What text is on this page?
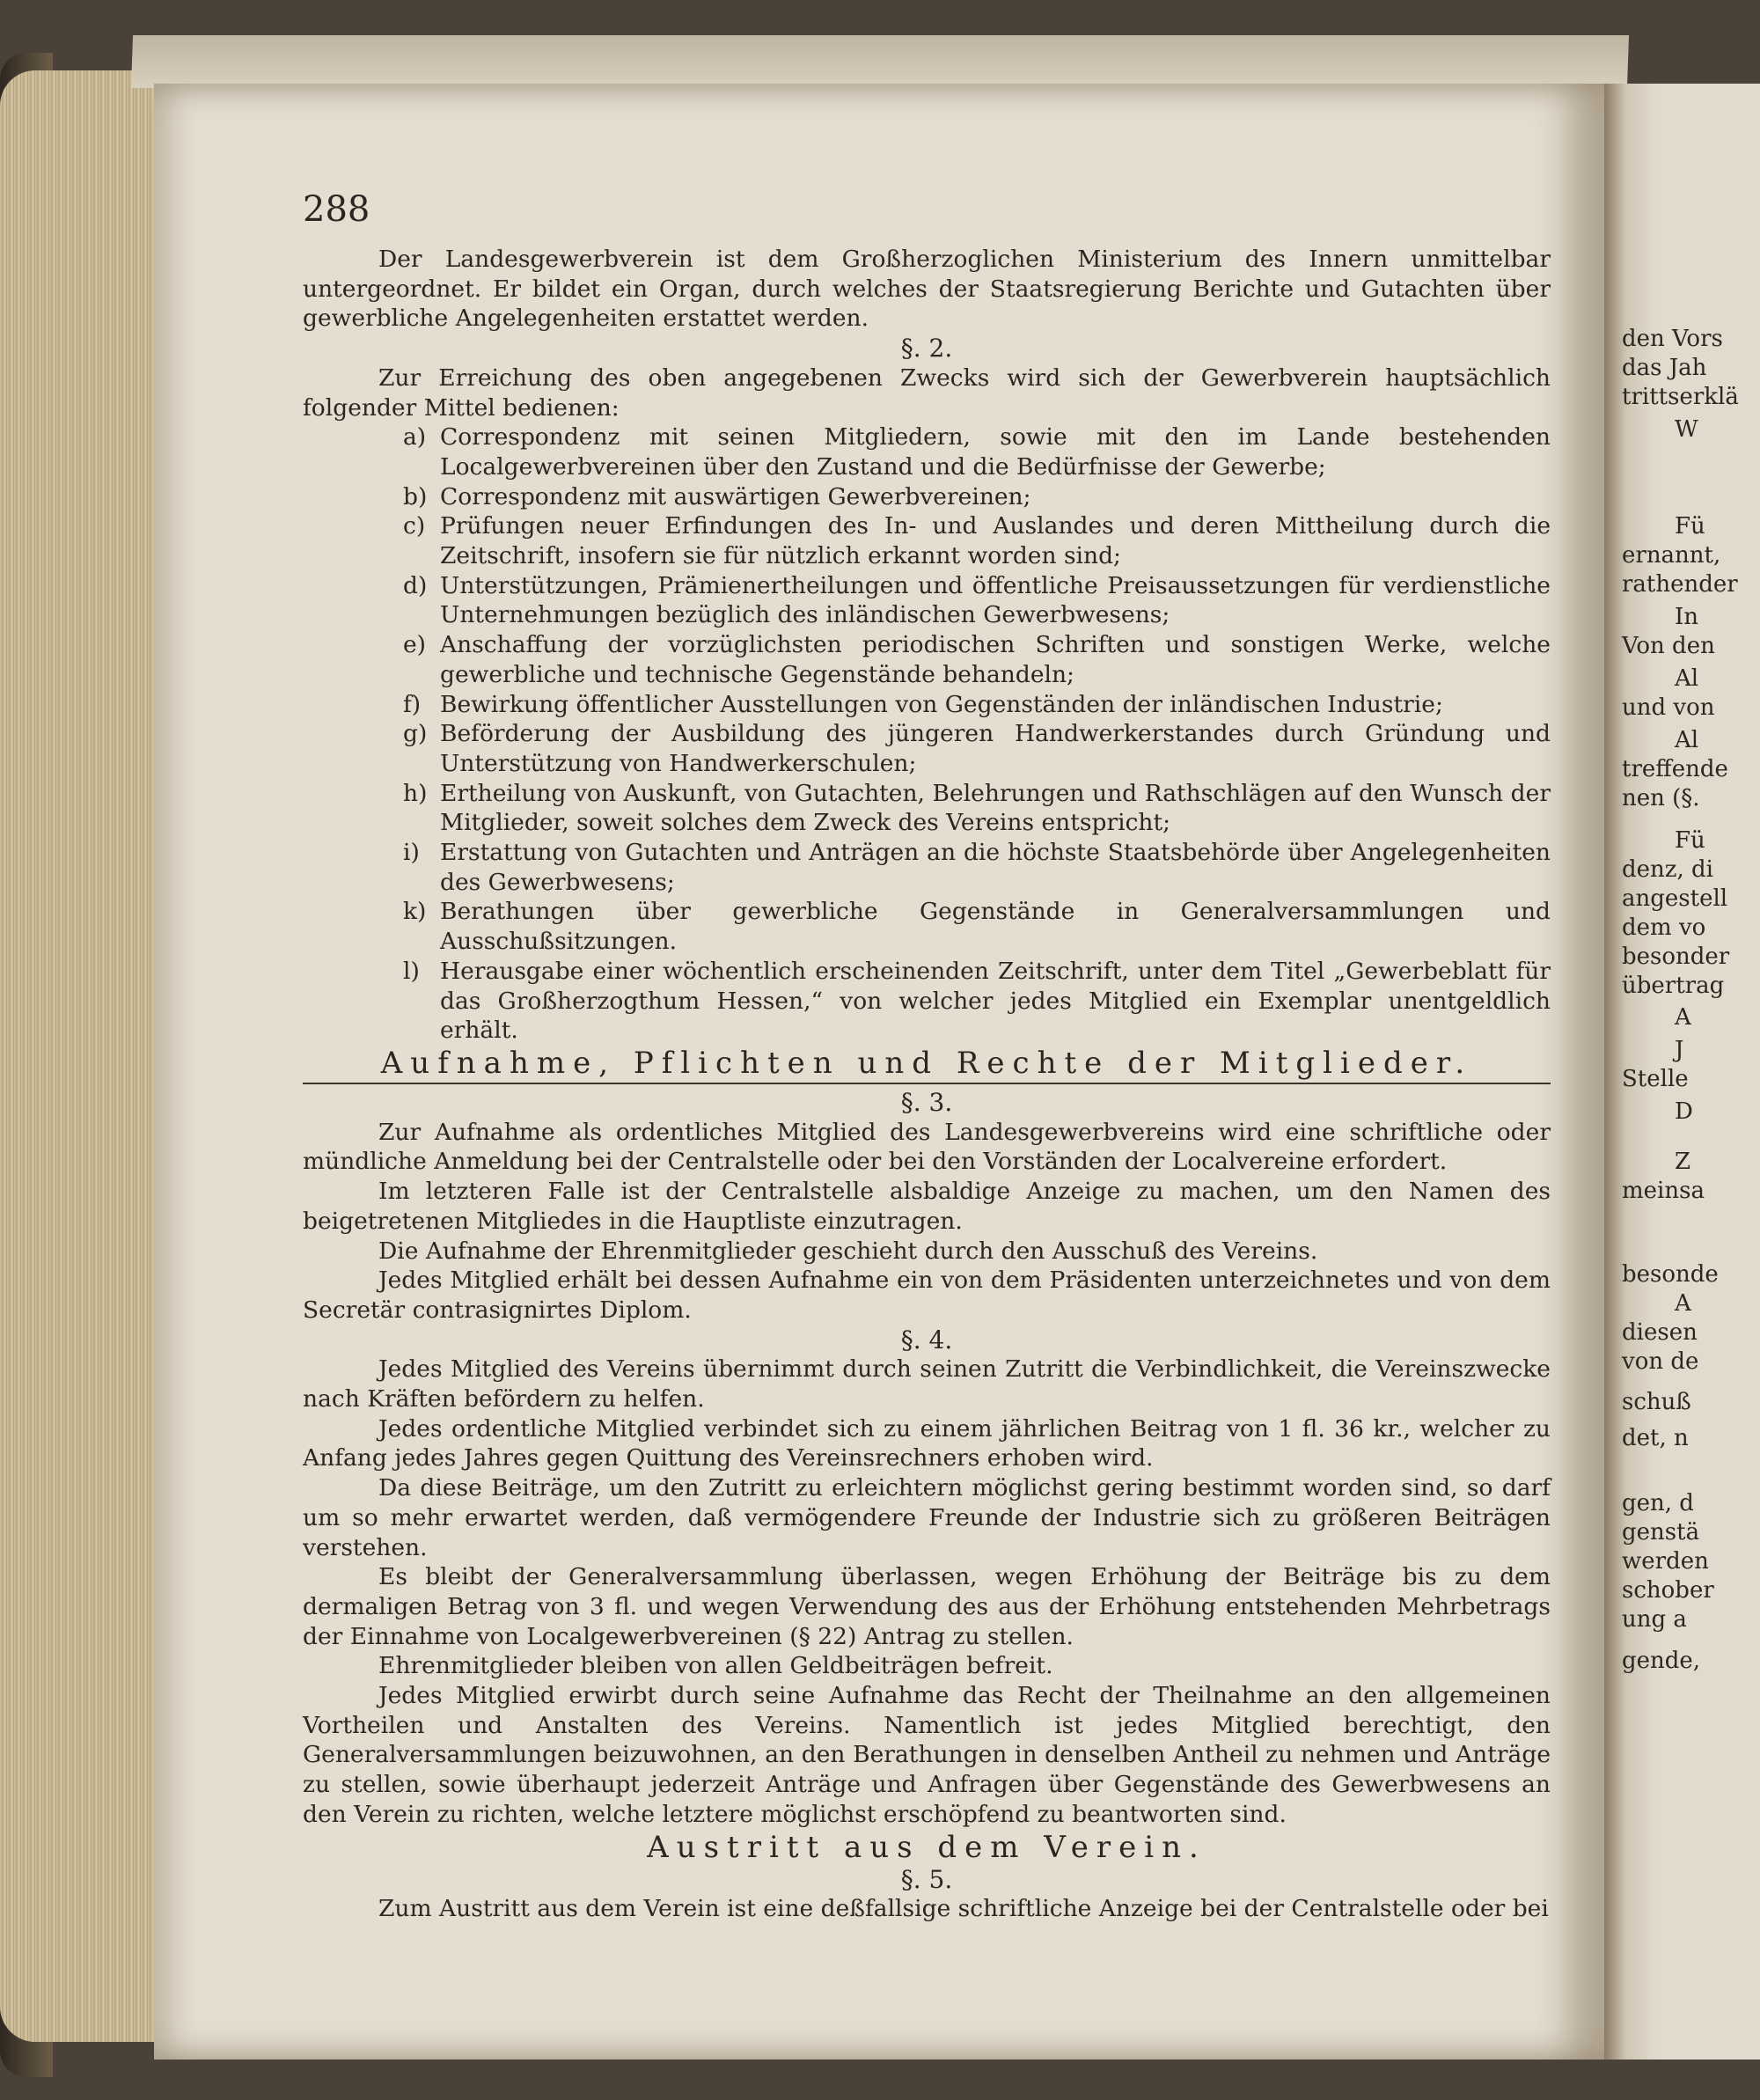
288

Der Landesgewerbverein ist dem Großherzoglichen Ministerium des Innern unmittelbar untergeordnet. Er bildet ein Organ, durch welches der Staatsregierung Berichte und Gutachten über gewerbliche Angelegenheiten erstattet werden.

§. 2.

Zur Erreichung des oben angegebenen Zwecks wird sich der Gewerbverein hauptsächlich folgender Mittel bedienen:

a) Correspondenz mit seinen Mitgliedern, sowie mit den im Lande bestehenden Localgewerbvereinen über den Zustand und die Bedürfnisse der Gewerbe;

b) Correspondenz mit auswärtigen Gewerbvereinen;

c) Prüfungen neuer Erfindungen des In- und Auslandes und deren Mittheilung durch die Zeitschrift, insofern sie für nützlich erkannt worden sind;

d) Unterstützungen, Prämienertheilungen und öffentliche Preisaussetzungen für verdienstliche Unternehmungen bezüglich des inländischen Gewerbwesens;

e) Anschaffung der vorzüglichsten periodischen Schriften und sonstigen Werke, welche gewerbliche und technische Gegenstände behandeln;

f) Bewirkung öffentlicher Ausstellungen von Gegenständen der inländischen Industrie;

g) Beförderung der Ausbildung des jüngeren Handwerkerstandes durch Gründung und Unterstützung von Handwerkerschulen;

h) Ertheilung von Auskunft, von Gutachten, Belehrungen und Rathschlägen auf den Wunsch der Mitglieder, soweit solches dem Zweck des Vereins entspricht;

i) Erstattung von Gutachten und Anträgen an die höchste Staatsbehörde über Angelegenheiten des Gewerbwesens;

k) Berathungen über gewerbliche Gegenstände in Generalversammlungen und Ausschußsitzungen.

l) Herausgabe einer wöchentlich erscheinenden Zeitschrift, unter dem Titel „Gewerbeblatt für das Großherzogthum Hessen,“ von welcher jedes Mitglied ein Exemplar unentgeldlich erhält.

Aufnahme, Pflichten und Rechte der Mitglieder.

§. 3.

Zur Aufnahme als ordentliches Mitglied des Landesgewerbvereins wird eine schriftliche oder mündliche Anmeldung bei der Centralstelle oder bei den Vorständen der Localvereine erfordert.

Im letzteren Falle ist der Centralstelle alsbaldige Anzeige zu machen, um den Namen des beigetretenen Mitgliedes in die Hauptliste einzutragen.

Die Aufnahme der Ehrenmitglieder geschieht durch den Ausschuß des Vereins.

Jedes Mitglied erhält bei dessen Aufnahme ein von dem Präsidenten unterzeichnetes und von dem Secretär contrasignirtes Diplom.

§. 4.

Jedes Mitglied des Vereins übernimmt durch seinen Zutritt die Verbindlichkeit, die Vereinszwecke nach Kräften befördern zu helfen.

Jedes ordentliche Mitglied verbindet sich zu einem jährlichen Beitrag von 1 fl. 36 kr., welcher zu Anfang jedes Jahres gegen Quittung des Vereinsrechners erhoben wird.

Da diese Beiträge, um den Zutritt zu erleichtern möglichst gering bestimmt worden sind, so darf um so mehr erwartet werden, daß vermögendere Freunde der Industrie sich zu größeren Beiträgen verstehen.

Es bleibt der Generalversammlung überlassen, wegen Erhöhung der Beiträge bis zu dem dermaligen Betrag von 3 fl. und wegen Verwendung des aus der Erhöhung entstehenden Mehrbetrags der Einnahme von Localgewerbvereinen (§ 22) Antrag zu stellen.

Ehrenmitglieder bleiben von allen Geldbeiträgen befreit.

Jedes Mitglied erwirbt durch seine Aufnahme das Recht der Theilnahme an den allgemeinen Vortheilen und Anstalten des Vereins. Namentlich ist jedes Mitglied berechtigt, den Generalversammlungen beizuwohnen, an den Berathungen in denselben Antheil zu nehmen und Anträge zu stellen, sowie überhaupt jederzeit Anträge und Anfragen über Gegenstände des Gewerbwesens an den Verein zu richten, welche letztere möglichst erschöpfend zu beantworten sind.

Austritt aus dem Verein.

§. 5.

Zum Austritt aus dem Verein ist eine deßfallsige schriftliche Anzeige bei der Centralstelle oder bei

den Vors
das Jah
trittserklä
W
Fü
ernannt,
rathender
In
Von den
Al
und von
Al
treffende
nen (§.
Fü
denz, di
angestell
dem vo
besonder
übertrag
A
J
Stelle
D
Z
meinsa
besonde
A
diesen
von de
schuß
det, n
gen, d
genstä
werden
schober
ung a
gende,
